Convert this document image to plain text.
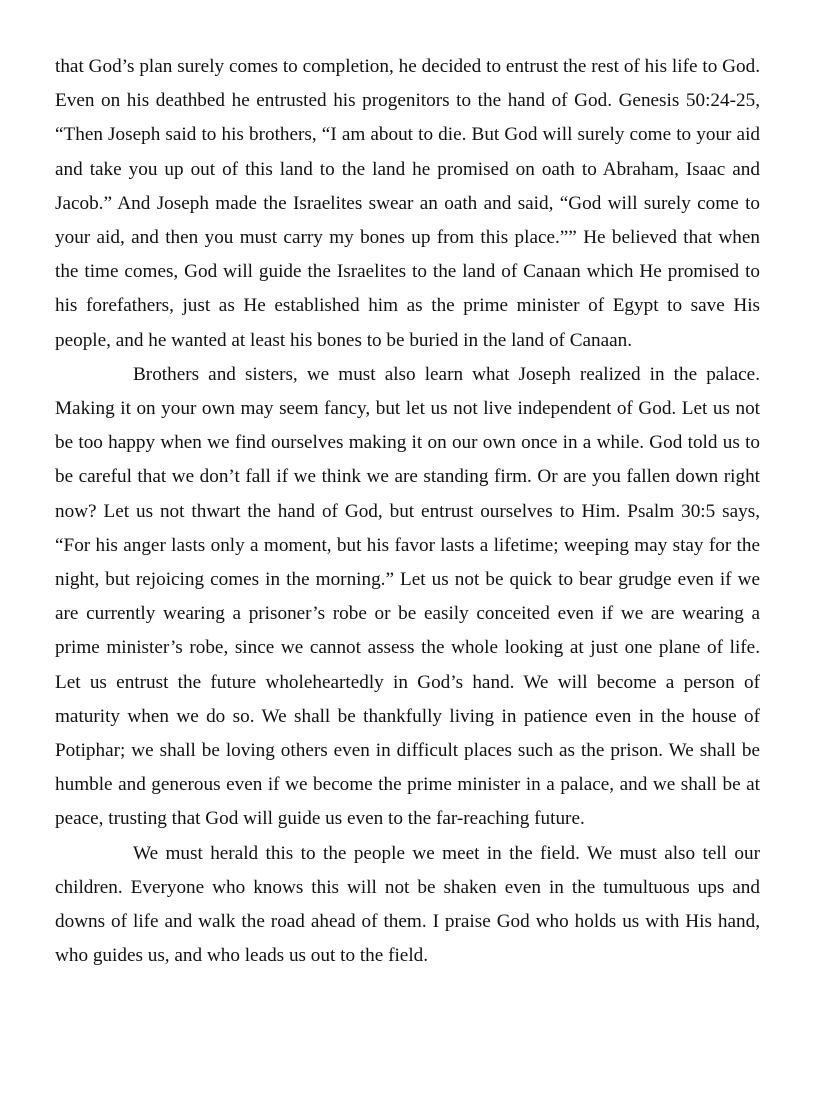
that God’s plan surely comes to completion, he decided to entrust the rest of his life to God. Even on his deathbed he entrusted his progenitors to the hand of God. Genesis 50:24-25, “Then Joseph said to his brothers, “I am about to die. But God will surely come to your aid and take you up out of this land to the land he promised on oath to Abraham, Isaac and Jacob.” And Joseph made the Israelites swear an oath and said, “God will surely come to your aid, and then you must carry my bones up from this place.”” He believed that when the time comes, God will guide the Israelites to the land of Canaan which He promised to his forefathers, just as He established him as the prime minister of Egypt to save His people, and he wanted at least his bones to be buried in the land of Canaan.

Brothers and sisters, we must also learn what Joseph realized in the palace. Making it on your own may seem fancy, but let us not live independent of God. Let us not be too happy when we find ourselves making it on our own once in a while. God told us to be careful that we don’t fall if we think we are standing firm. Or are you fallen down right now? Let us not thwart the hand of God, but entrust ourselves to Him. Psalm 30:5 says, “For his anger lasts only a moment, but his favor lasts a lifetime; weeping may stay for the night, but rejoicing comes in the morning.” Let us not be quick to bear grudge even if we are currently wearing a prisoner’s robe or be easily conceited even if we are wearing a prime minister’s robe, since we cannot assess the whole looking at just one plane of life. Let us entrust the future wholeheartedly in God’s hand. We will become a person of maturity when we do so. We shall be thankfully living in patience even in the house of Potiphar; we shall be loving others even in difficult places such as the prison. We shall be humble and generous even if we become the prime minister in a palace, and we shall be at peace, trusting that God will guide us even to the far-reaching future.

We must herald this to the people we meet in the field. We must also tell our children. Everyone who knows this will not be shaken even in the tumultuous ups and downs of life and walk the road ahead of them. I praise God who holds us with His hand, who guides us, and who leads us out to the field.
